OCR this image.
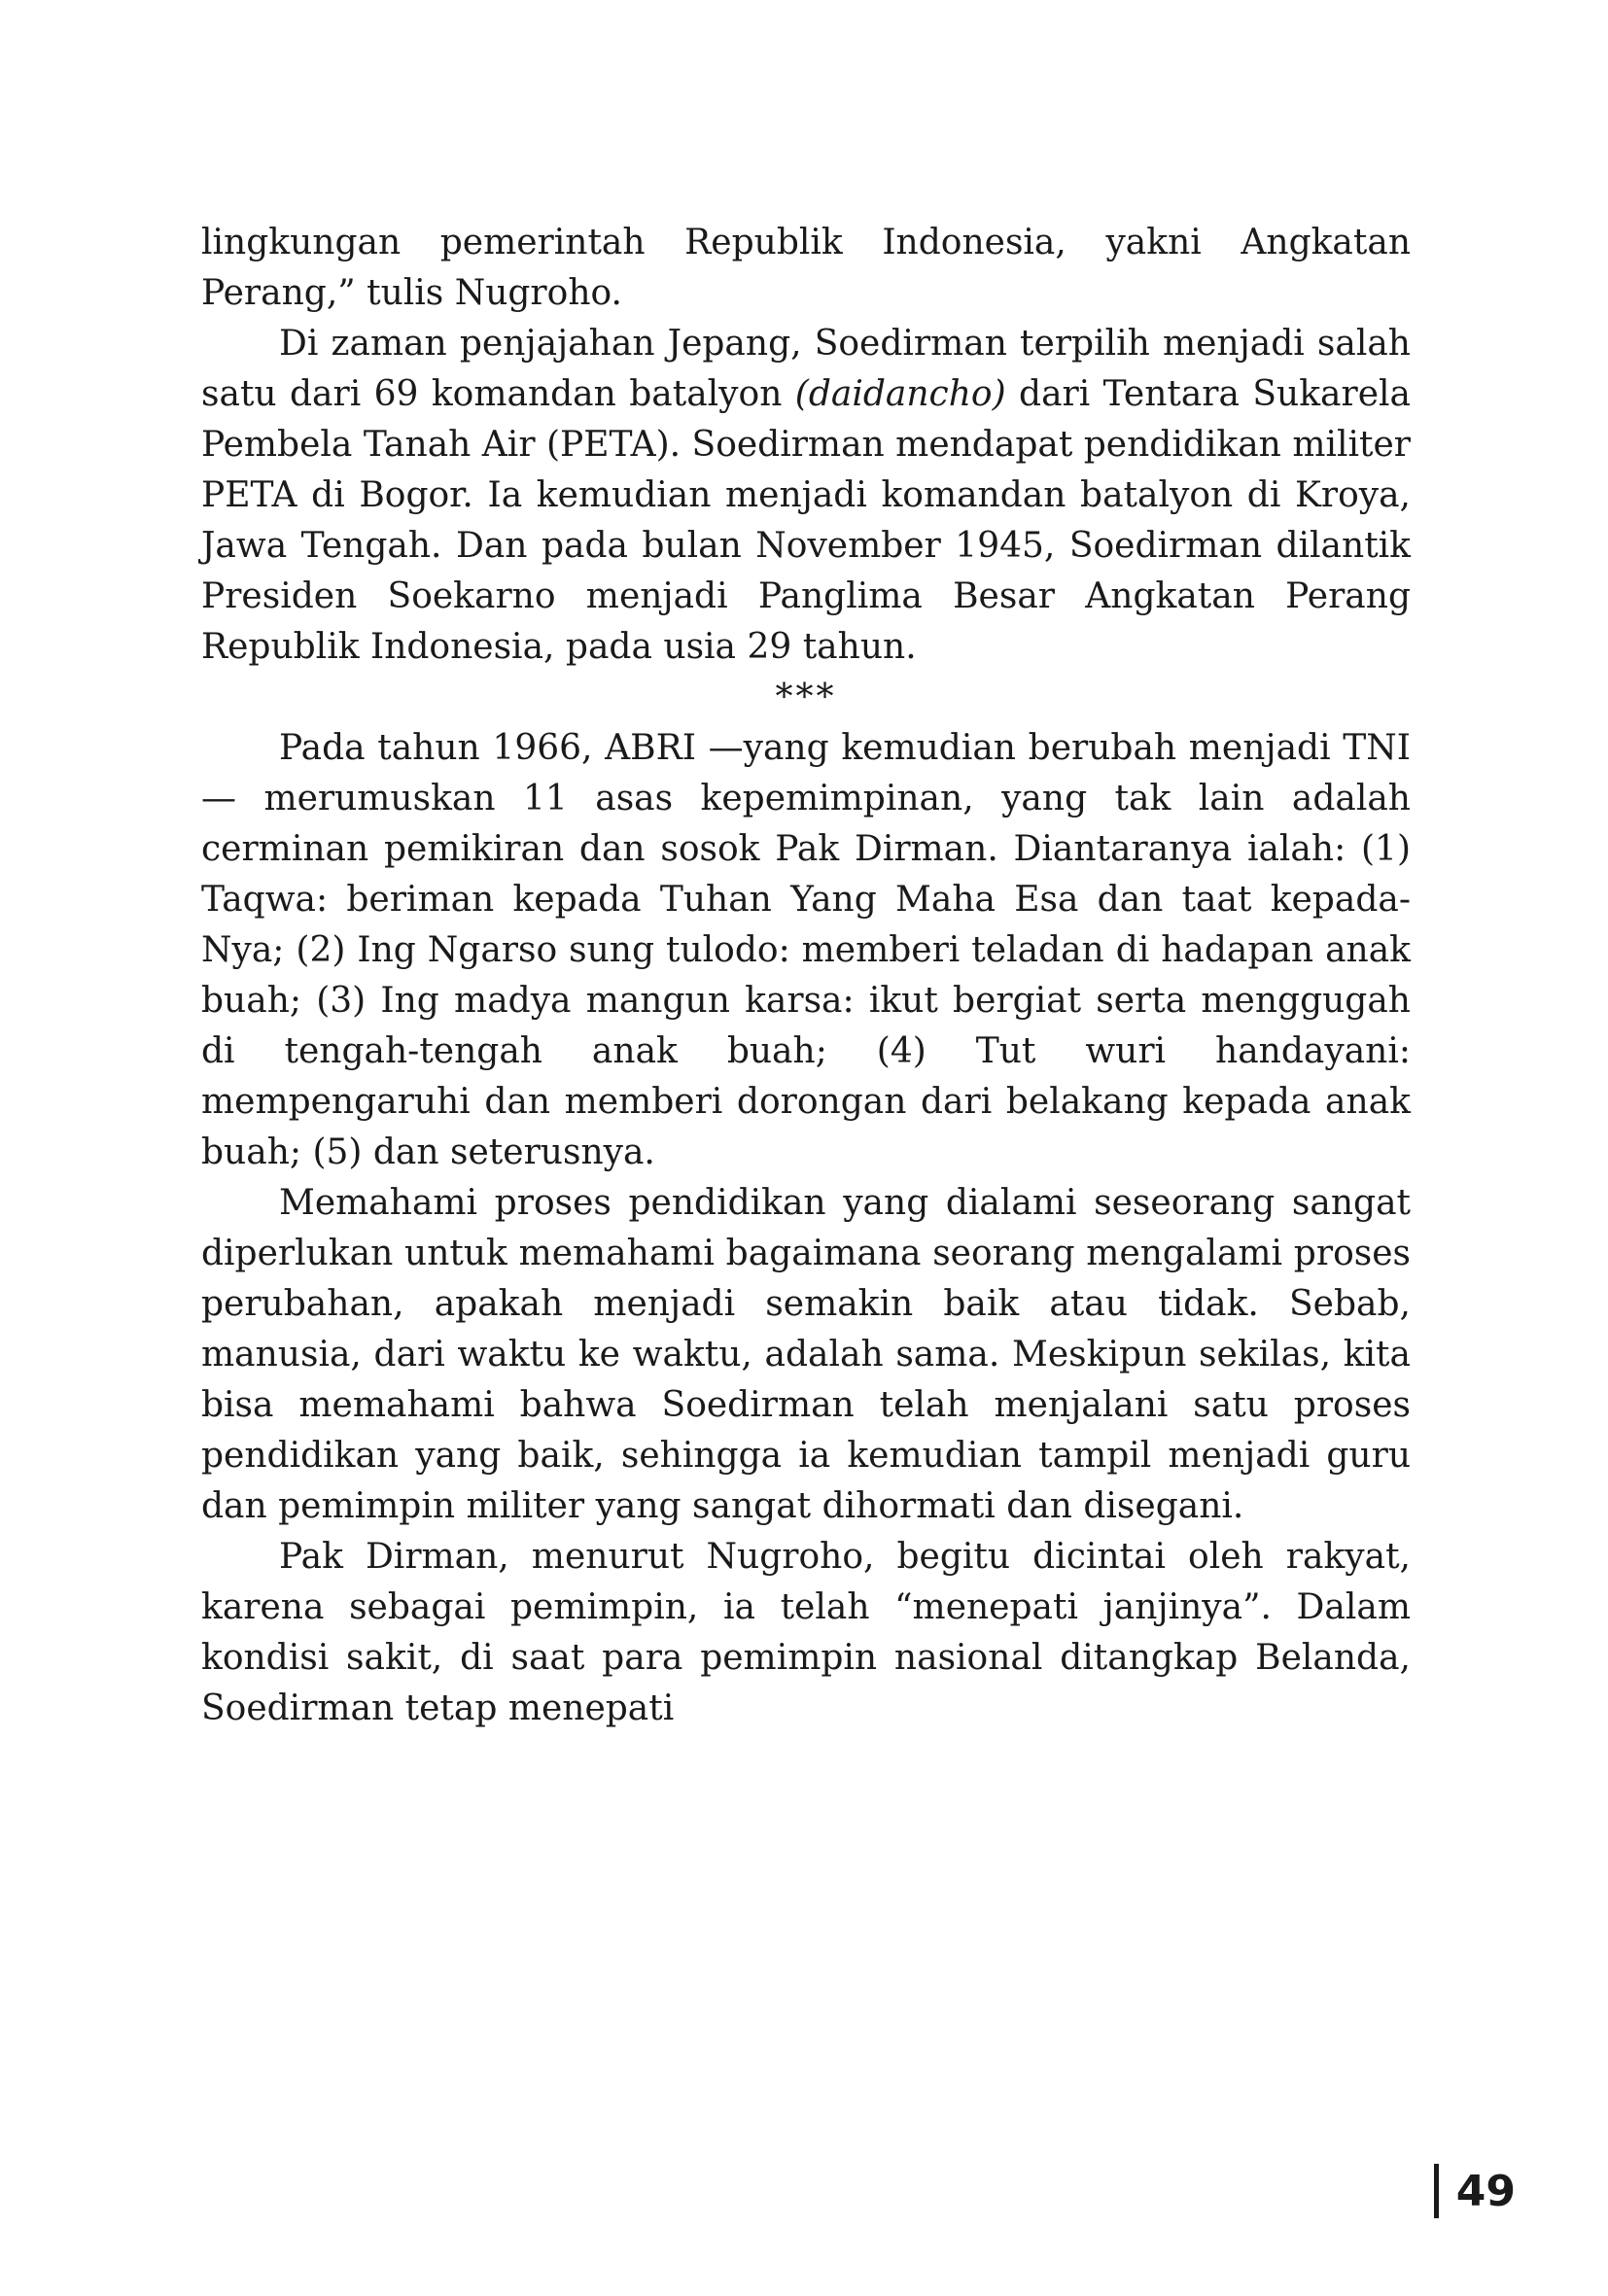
lingkungan pemerintah Republik Indonesia, yakni Angkatan Perang,” tulis Nugroho.

Di zaman penjajahan Jepang, Soedirman terpilih menjadi salah satu dari 69 komandan batalyon (daidancho) dari Tentara Sukarela Pembela Tanah Air (PETA). Soedirman mendapat pendidikan militer PETA di Bogor. Ia kemudian menjadi komandan batalyon di Kroya, Jawa Tengah. Dan pada bulan November 1945, Soedirman dilantik Presiden Soekarno menjadi Panglima Besar Angkatan Perang Republik Indonesia, pada usia 29 tahun.

***

Pada tahun 1966, ABRI —yang kemudian berubah menjadi TNI— merumuskan 11 asas kepemimpinan, yang tak lain adalah cerminan pemikiran dan sosok Pak Dirman. Diantaranya ialah: (1) Taqwa: beriman kepada Tuhan Yang Maha Esa dan taat kepada-Nya; (2) Ing Ngarso sung tulodo: memberi teladan di hadapan anak buah; (3) Ing madya mangun karsa: ikut bergiat serta menggugah di tengah-tengah anak buah; (4) Tut wuri handayani: mempengaruhi dan memberi dorongan dari belakang kepada anak buah; (5) dan seterusnya.

Memahami proses pendidikan yang dialami seseorang sangat diperlukan untuk memahami bagaimana seorang mengalami proses perubahan, apakah menjadi semakin baik atau tidak. Sebab, manusia, dari waktu ke waktu, adalah sama. Meskipun sekilas, kita bisa memahami bahwa Soedirman telah menjalani satu proses pendidikan yang baik, sehingga ia kemudian tampil menjadi guru dan pemimpin militer yang sangat dihormati dan disegani.

Pak Dirman, menurut Nugroho, begitu dicintai oleh rakyat, karena sebagai pemimpin, ia telah “menepati janjinya”. Dalam kondisi sakit, di saat para pemimpin nasional ditangkap Belanda, Soedirman tetap menepati

49
